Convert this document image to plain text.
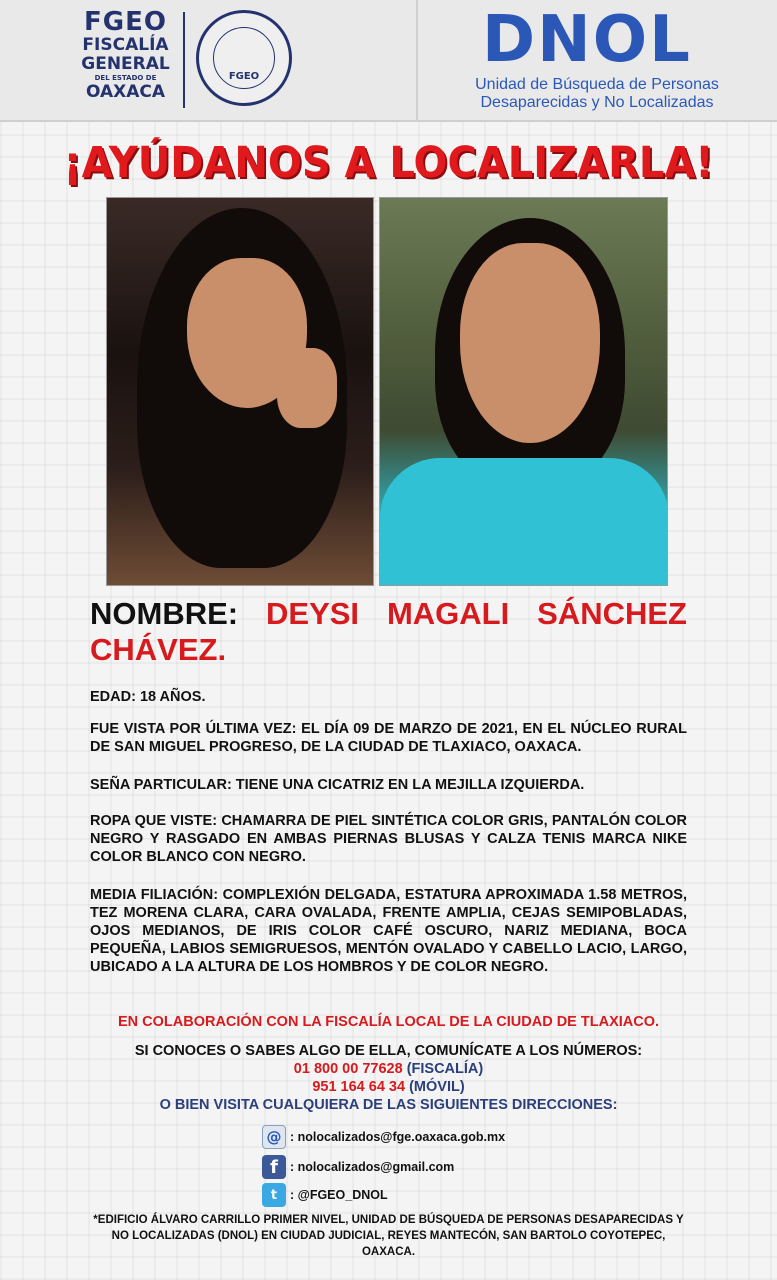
FGEO
FISCALÍA
GENERAL
DEL ESTADO DE
OAXACA
FGEO	DNOL
Unidad de Búsqueda de Personas
Desaparecidas y No Localizadas
¡AYÚDANOS A LOCALIZARLA!
NOMBRE: DEYSI MAGALI SÁNCHEZ
CHÁVEZ.
EDAD: 18 AÑOS.
FUE VISTA POR ÚLTIMA VEZ: EL DÍA 09 DE MARZO DE 2021, EN EL NÚCLEO RURAL DE SAN MIGUEL PROGRESO, DE LA CIUDAD DE TLAXIACO, OAXACA.
SEÑA PARTICULAR: TIENE UNA CICATRIZ EN LA MEJILLA IZQUIERDA.
ROPA QUE VISTE: CHAMARRA DE PIEL SINTÉTICA COLOR GRIS, PANTALÓN COLOR NEGRO Y RASGADO EN AMBAS PIERNAS BLUSAS Y CALZA TENIS MARCA NIKE COLOR BLANCO CON NEGRO.
MEDIA FILIACIÓN: COMPLEXIÓN DELGADA, ESTATURA APROXIMADA 1.58 METROS, TEZ MORENA CLARA, CARA OVALADA, FRENTE AMPLIA, CEJAS SEMIPOBLADAS, OJOS MEDIANOS, DE IRIS COLOR CAFÉ OSCURO, NARIZ MEDIANA, BOCA PEQUEÑA, LABIOS SEMIGRUESOS, MENTÓN OVALADO Y CABELLO LACIO, LARGO, UBICADO A LA ALTURA DE LOS HOMBROS Y DE COLOR NEGRO.
EN COLABORACIÓN CON LA FISCALÍA LOCAL DE LA CIUDAD DE TLAXIACO.
SI CONOCES O SABES ALGO DE ELLA, COMUNÍCATE A LOS NÚMEROS:
01 800 00 77628 (FISCALÍA)
951 164 64 34 (MÓVIL)
O BIEN VISITA CUALQUIERA DE LAS SIGUIENTES DIRECCIONES:
@ : nolocalizados@fge.oaxaca.gob.mx
f : nolocalizados@gmail.com
t	: @FGEO_DNOL
*EDIFICIO ÁLVARO CARRILLO PRIMER NIVEL, UNIDAD DE BÚSQUEDA DE PERSONAS DESAPARECIDAS Y NO LOCALIZADAS (DNOL) EN CIUDAD JUDICIAL, REYES MANTECÓN, SAN BARTOLO COYOTEPEC, OAXACA.
